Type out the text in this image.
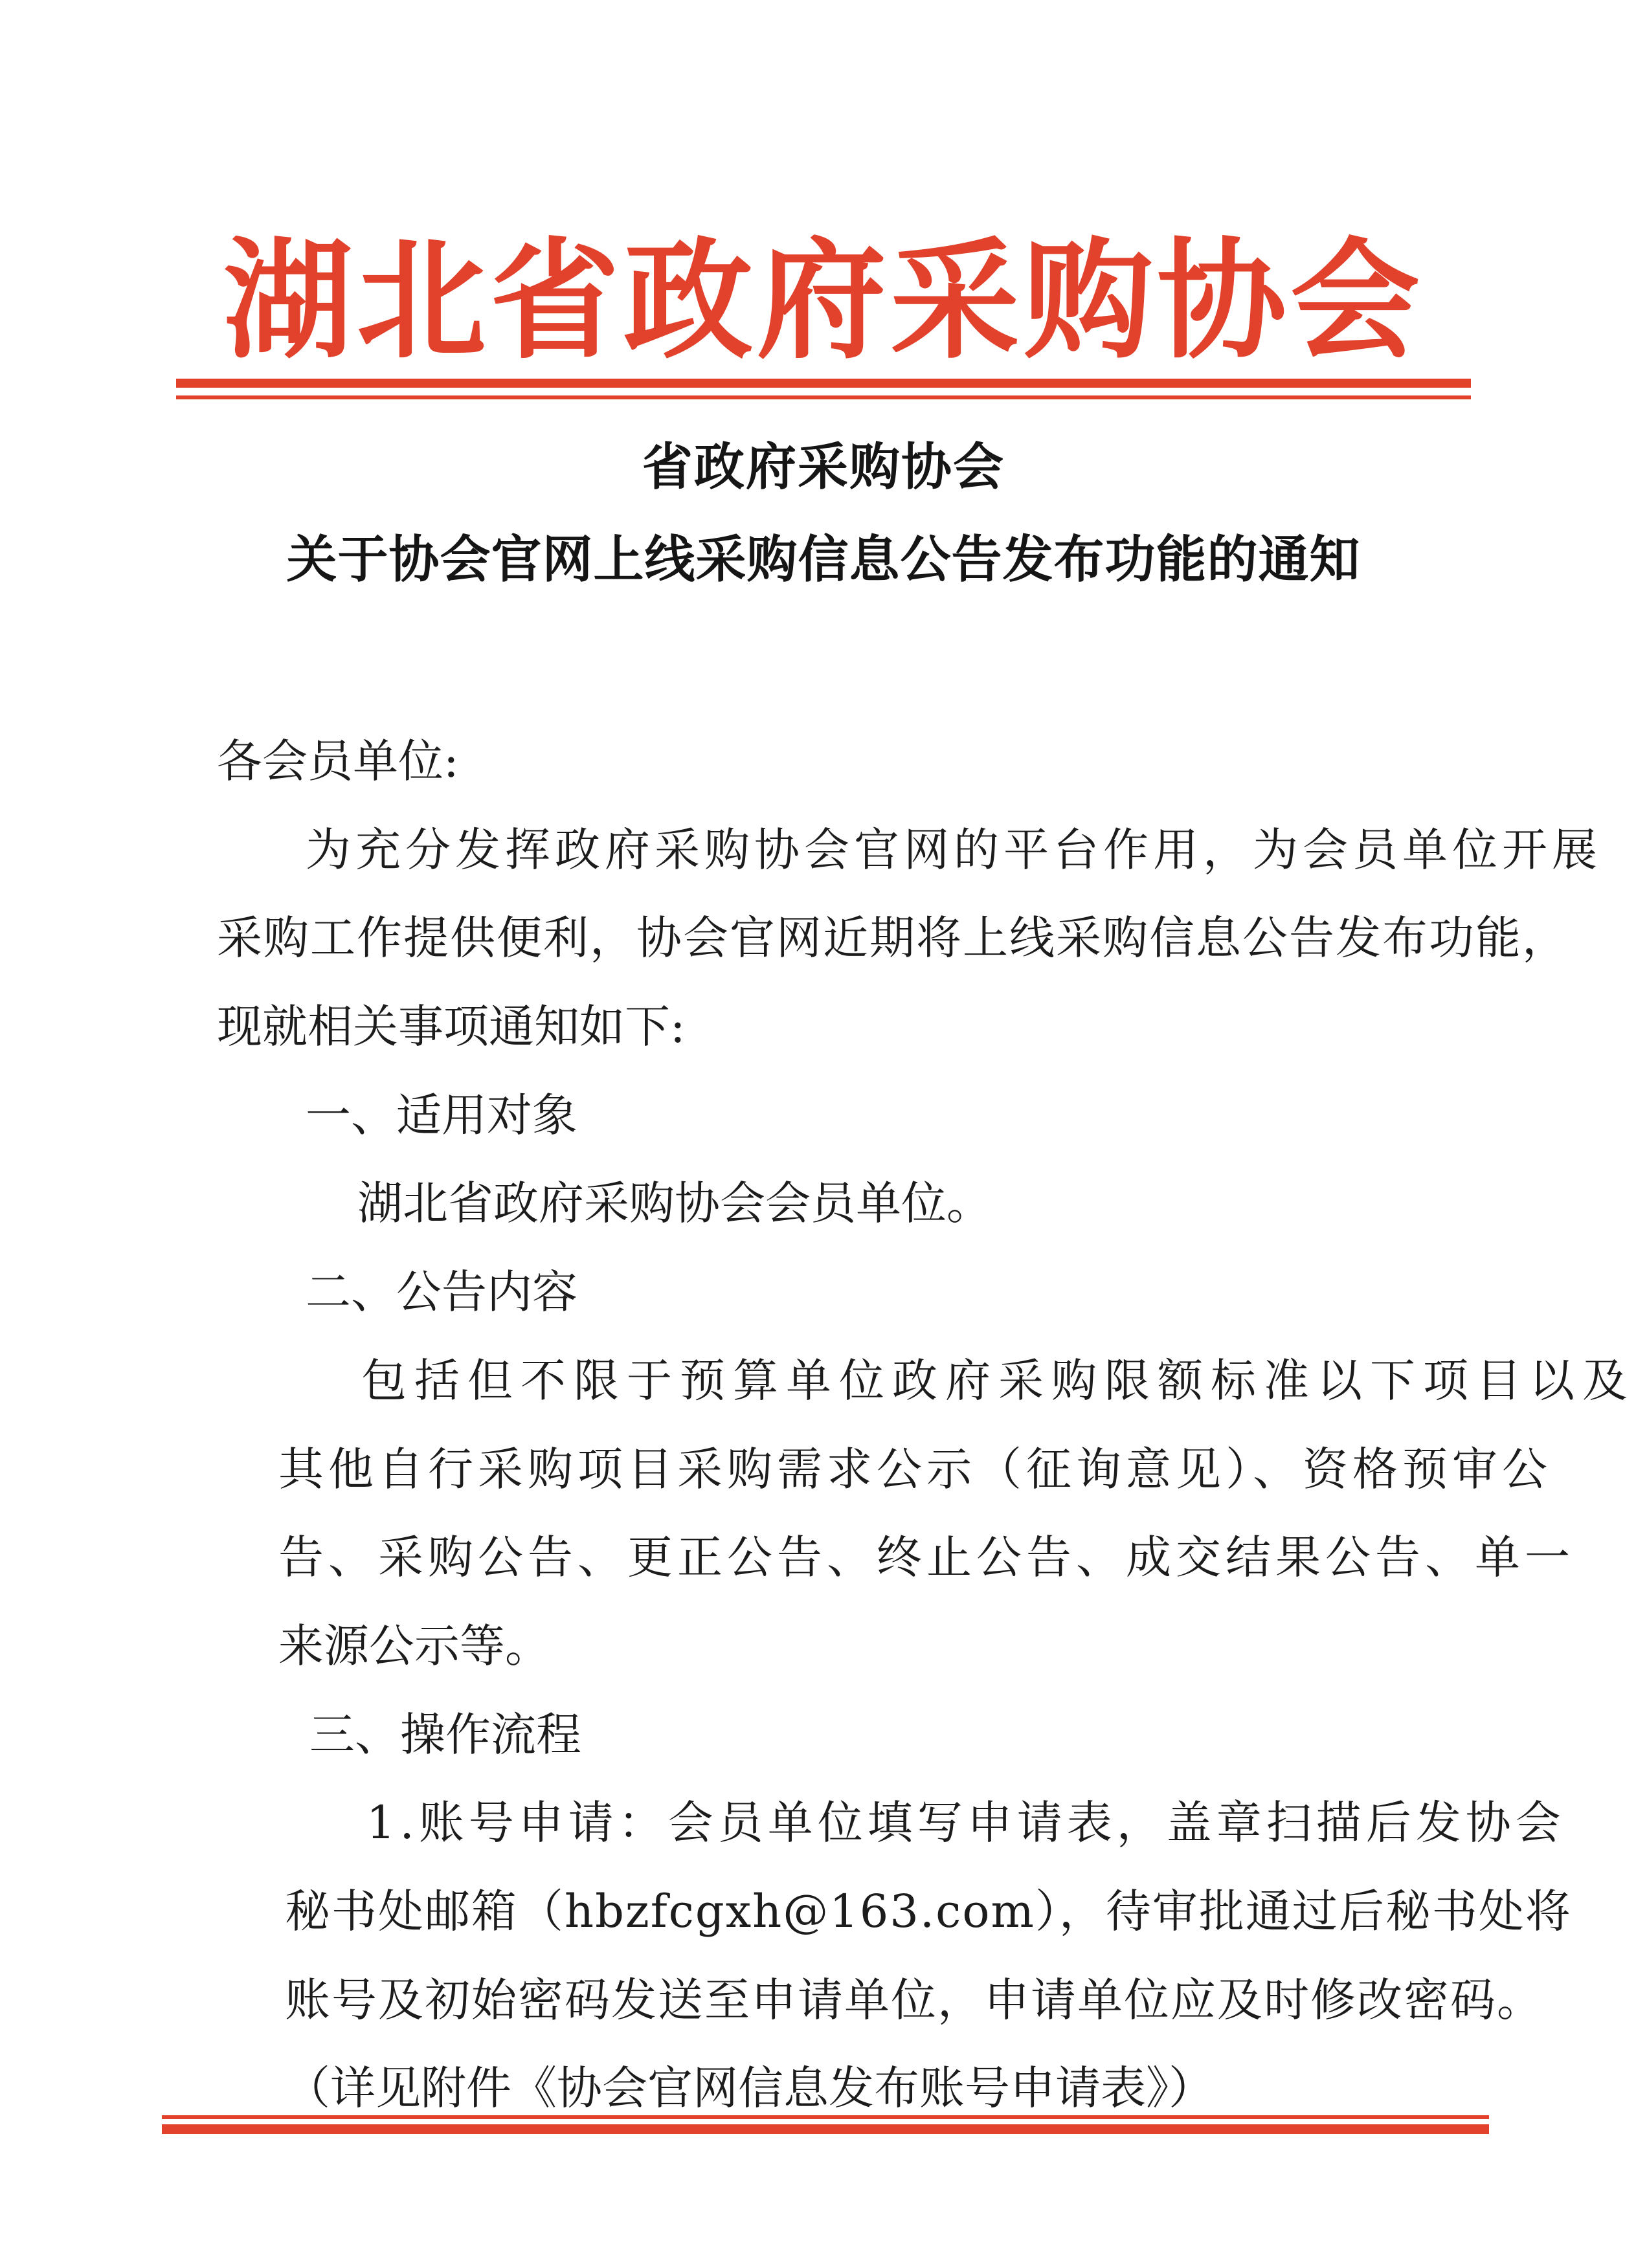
湖北省政府采购协会
省政府采购协会
关于协会官网上线采购信息公告发布功能的通知
各会员单位:
为充分发挥政府采购协会官网的平台作用，为会员单位开展
采购工作提供便利，协会官网近期将上线采购信息公告发布功能，
现就相关事项通知如下:
一、适用对象
湖北省政府采购协会会员单位。
二、公告内容
包括但不限于预算单位政府采购限额标准以下项目以及
其他自行采购项目采购需求公示（征询意见）、资格预审公
告、采购公告、更正公告、终止公告、成交结果公告、单一
来源公示等。
三、操作流程
1.账号申请：会员单位填写申请表，盖章扫描后发协会
秘书处邮箱（hbzfcgxh@163.com），待审批通过后秘书处将
账号及初始密码发送至申请单位，申请单位应及时修改密码。
（详见附件《协会官网信息发布账号申请表》）
